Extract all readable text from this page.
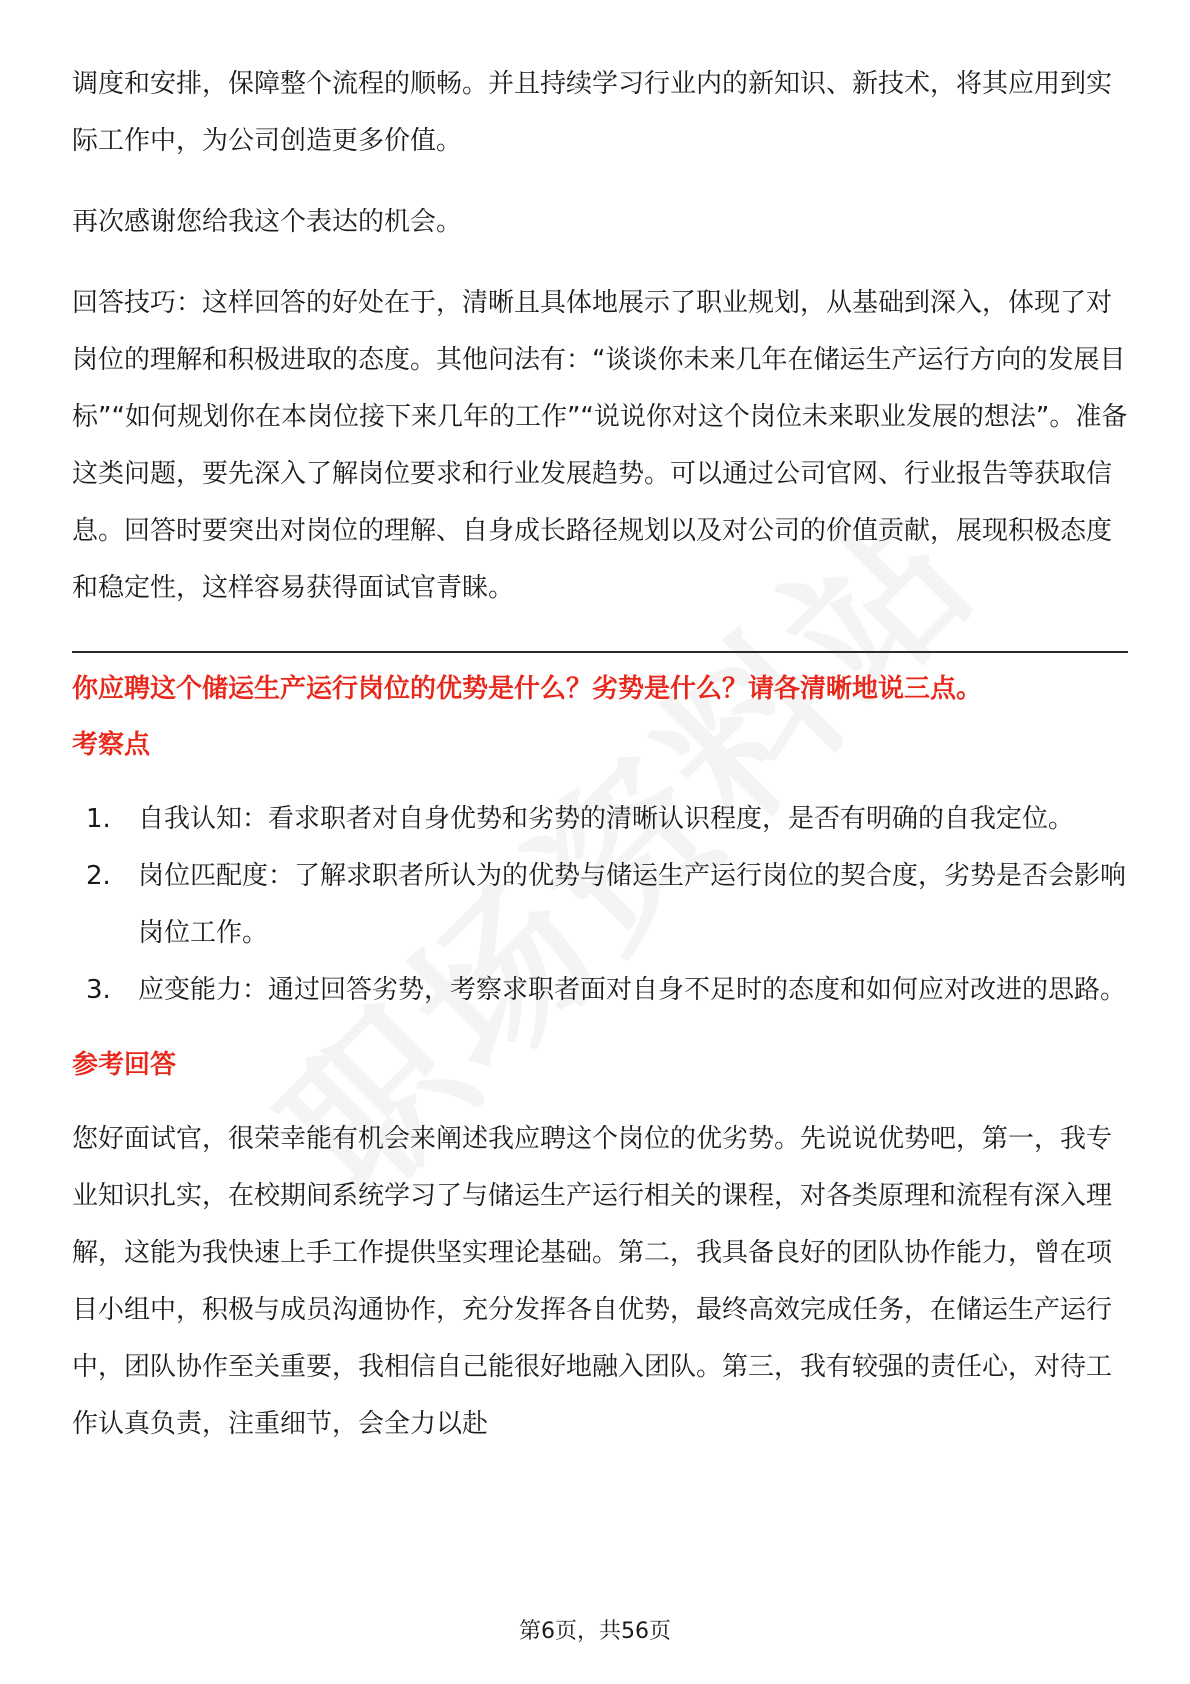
调度和安排，保障整个流程的顺畅。并且持续学习行业内的新知识、新技术，将其应用到实际工作中，为公司创造更多价值。

再次感谢您给我这个表达的机会。

回答技巧：这样回答的好处在于，清晰且具体地展示了职业规划，从基础到深入，体现了对岗位的理解和积极进取的态度。其他问法有：“谈谈你未来几年在储运生产运行方向的发展目标”“如何规划你在本岗位接下来几年的工作”“说说你对这个岗位未来职业发展的想法”。准备这类问题，要先深入了解岗位要求和行业发展趋势。可以通过公司官网、行业报告等获取信息。回答时要突出对岗位的理解、自身成长路径规划以及对公司的价值贡献，展现积极态度和稳定性，这样容易获得面试官青睐。

你应聘这个储运生产运行岗位的优势是什么？劣势是什么？请各清晰地说三点。

考察点

1.	自我认知：看求职者对自身优势和劣势的清晰认识程度，是否有明确的自我定位。
2.	岗位匹配度：了解求职者所认为的优势与储运生产运行岗位的契合度，劣势是否会影响岗位工作。
3.	应变能力：通过回答劣势，考察求职者面对自身不足时的态度和如何应对改进的思路。

参考回答

您好面试官，很荣幸能有机会来阐述我应聘这个岗位的优劣势。先说说优势吧，第一，我专业知识扎实，在校期间系统学习了与储运生产运行相关的课程，对各类原理和流程有深入理解，这能为我快速上手工作提供坚实理论基础。第二，我具备良好的团队协作能力，曾在项目小组中，积极与成员沟通协作，充分发挥各自优势，最终高效完成任务，在储运生产运行中，团队协作至关重要，我相信自己能很好地融入团队。第三，我有较强的责任心，对待工作认真负责，注重细节，会全力以赴

第6页，共56页
